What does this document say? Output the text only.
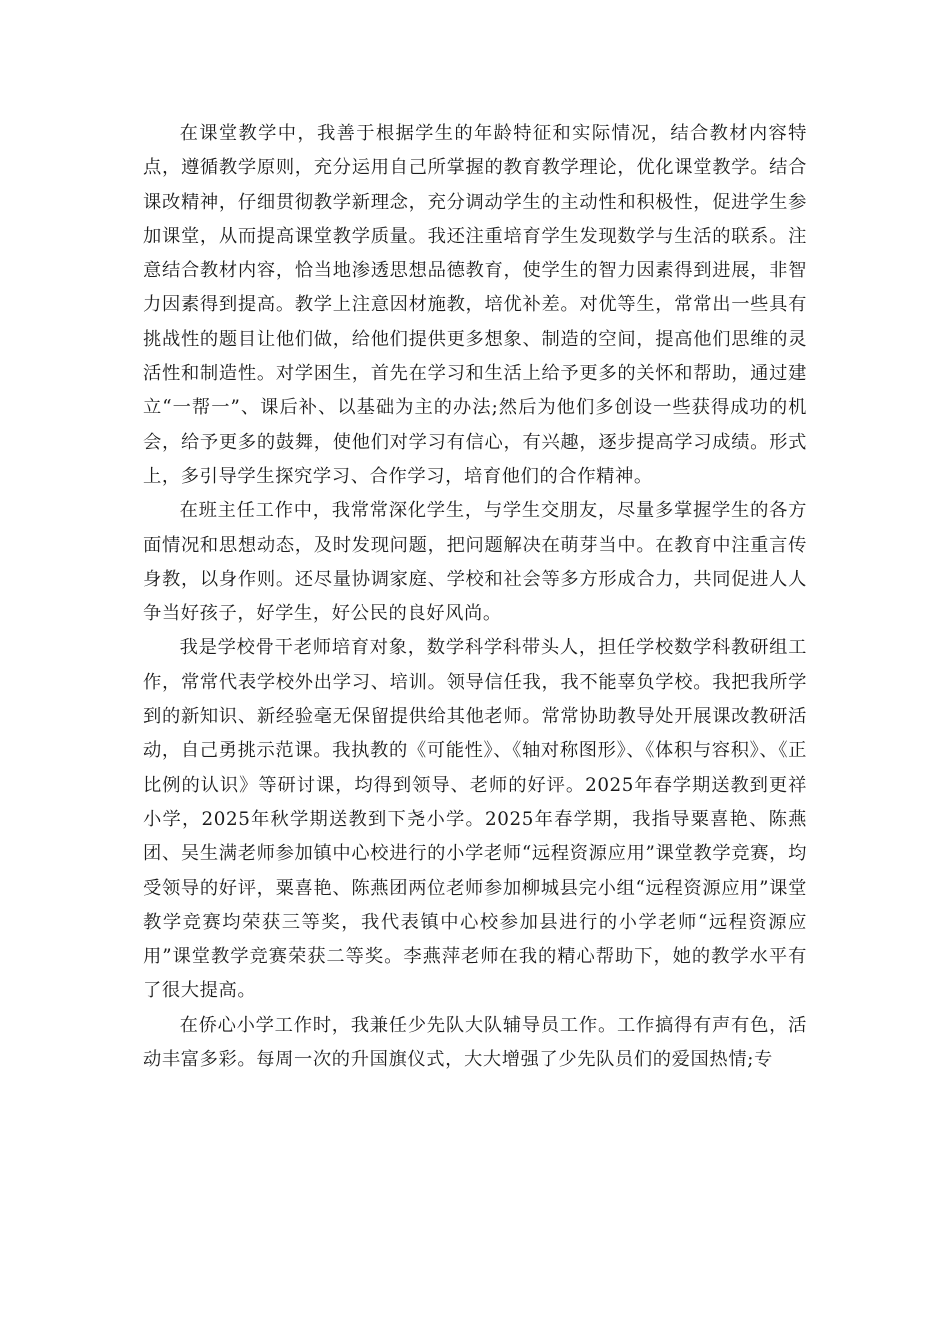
在课堂教学中，我善于根据学生的年龄特征和实际情况，结合教材内容特点，遵循教学原则，充分运用自己所掌握的教育教学理论，优化课堂教学。结合课改精神，仔细贯彻教学新理念，充分调动学生的主动性和积极性，促进学生参加课堂，从而提高课堂教学质量。我还注重培育学生发现数学与生活的联系。注意结合教材内容，恰当地渗透思想品德教育，使学生的智力因素得到进展，非智力因素得到提高。教学上注意因材施教，培优补差。对优等生，常常出一些具有挑战性的题目让他们做，给他们提供更多想象、制造的空间，提高他们思维的灵活性和制造性。对学困生，首先在学习和生活上给予更多的关怀和帮助，通过建立“一帮一”、课后补、以基础为主的办法;然后为他们多创设一些获得成功的机会，给予更多的鼓舞，使他们对学习有信心，有兴趣，逐步提高学习成绩。形式上，多引导学生探究学习、合作学习，培育他们的合作精神。

在班主任工作中，我常常深化学生，与学生交朋友，尽量多掌握学生的各方面情况和思想动态，及时发现问题，把问题解决在萌芽当中。在教育中注重言传身教，以身作则。还尽量协调家庭、学校和社会等多方形成合力，共同促进人人争当好孩子，好学生，好公民的良好风尚。

我是学校骨干老师培育对象，数学科学科带头人，担任学校数学科教研组工作，常常代表学校外出学习、培训。领导信任我，我不能辜负学校。我把我所学到的新知识、新经验毫无保留提供给其他老师。常常协助教导处开展课改教研活动，自己勇挑示范课。我执教的《可能性》、《轴对称图形》、《体积与容积》、《正比例的认识》等研讨课，均得到领导、老师的好评。2025年春学期送教到更祥小学，2025年秋学期送教到下尧小学。2025年春学期，我指导粟喜艳、陈燕团、吴生满老师参加镇中心校进行的小学老师“远程资源应用”课堂教学竞赛，均受领导的好评，粟喜艳、陈燕团两位老师参加柳城县完小组“远程资源应用”课堂教学竞赛均荣获三等奖，我代表镇中心校参加县进行的小学老师“远程资源应用”课堂教学竞赛荣获二等奖。李燕萍老师在我的精心帮助下，她的教学水平有了很大提高。

在侨心小学工作时，我兼任少先队大队辅导员工作。工作搞得有声有色，活动丰富多彩。每周一次的升国旗仪式，大大增强了少先队员们的爱国热情;专
